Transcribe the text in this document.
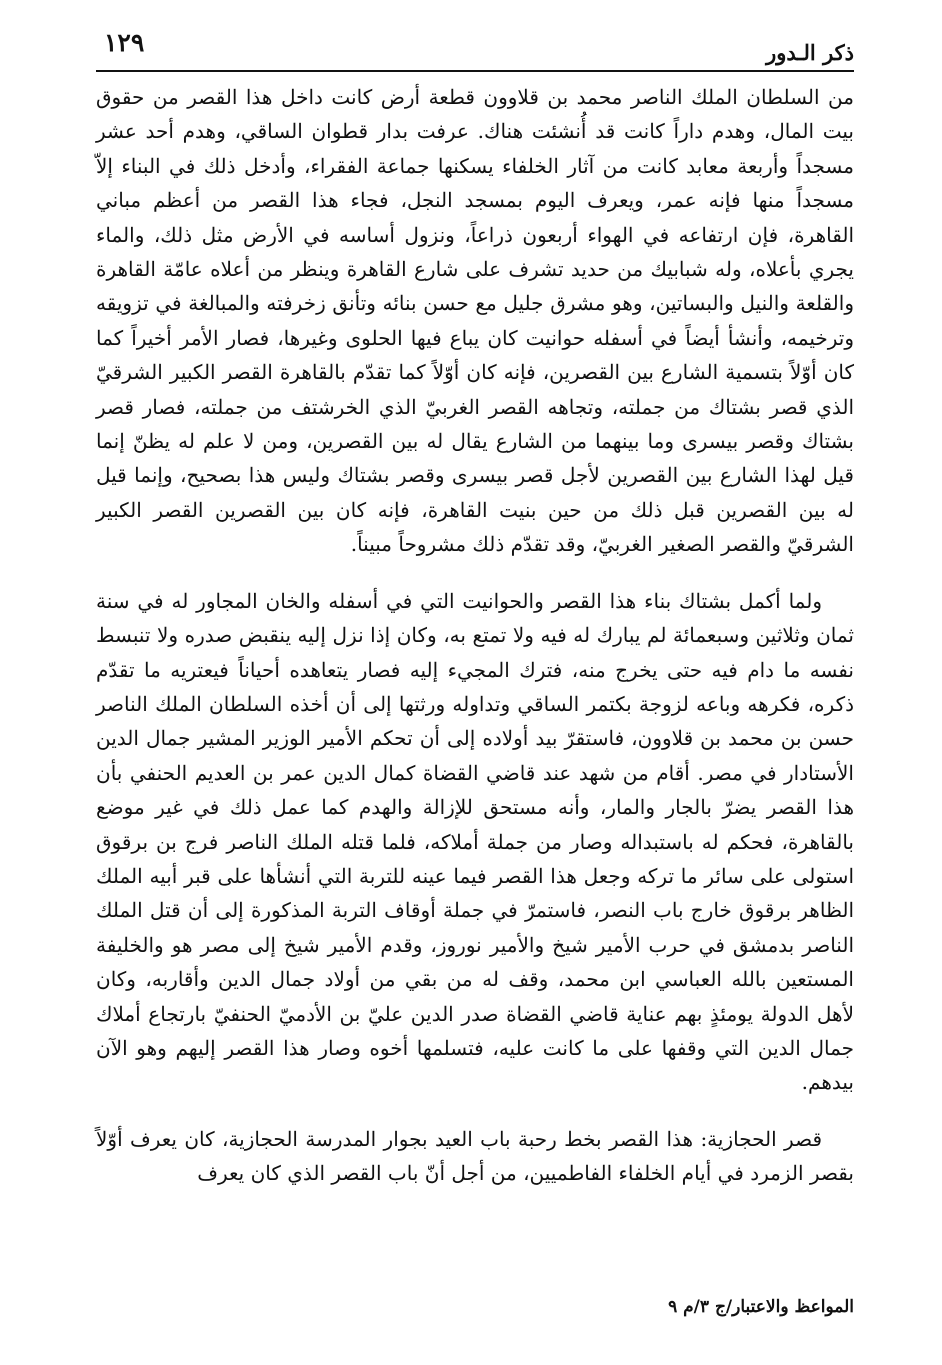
ذكر الـدور
١٢٩

من السلطان الملك الناصر محمد بن قلاوون قطعة أرض كانت داخل هذا القصر من حقوق بيت المال، وهدم داراً كانت قد أُنشئت هناك. عرفت بدار قطوان الساقي، وهدم أحد عشر مسجداً وأربعة معابد كانت من آثار الخلفاء يسكنها جماعة الفقراء، وأدخل ذلك في البناء إلاّ مسجداً منها فإنه عمر، ويعرف اليوم بمسجد النجل، فجاء هذا القصر من أعظم مباني القاهرة، فإن ارتفاعه في الهواء أربعون ذراعاً، ونزول أساسه في الأرض مثل ذلك، والماء يجري بأعلاه، وله شبابيك من حديد تشرف على شارع القاهرة وينظر من أعلاه عامّة القاهرة والقلعة والنيل والبساتين، وهو مشرق جليل مع حسن بنائه وتأنق زخرفته والمبالغة في تزويقه وترخيمه، وأنشأ أيضاً في أسفله حوانيت كان يباع فيها الحلوى وغيرها، فصار الأمر أخيراً كما كان أوّلاً بتسمية الشارع بين القصرين، فإنه كان أوّلاً كما تقدّم بالقاهرة القصر الكبير الشرقيّ الذي قصر بشتاك من جملته، وتجاهه القصر الغربيّ الذي الخرشتف من جملته، فصار قصر بشتاك وقصر بيسرى وما بينهما من الشارع يقال له بين القصرين، ومن لا علم له يظنّ إنما قيل لهذا الشارع بين القصرين لأجل قصر بيسرى وقصر بشتاك وليس هذا بصحيح، وإنما قيل له بين القصرين قبل ذلك من حين بنيت القاهرة، فإنه كان بين القصرين القصر الكبير الشرقيّ والقصر الصغير الغربيّ، وقد تقدّم ذلك مشروحاً مبيناً.

ولما أكمل بشتاك بناء هذا القصر والحوانيت التي في أسفله والخان المجاور له في سنة ثمان وثلاثين وسبعمائة لم يبارك له فيه ولا تمتع به، وكان إذا نزل إليه ينقبض صدره ولا تنبسط نفسه ما دام فيه حتى يخرج منه، فترك المجيء إليه فصار يتعاهده أحياناً فيعتريه ما تقدّم ذكره، فكرهه وباعه لزوجة بكتمر الساقي وتداوله ورثتها إلى أن أخذه السلطان الملك الناصر حسن بن محمد بن قلاوون، فاستقرّ بيد أولاده إلى أن تحكم الأمير الوزير المشير جمال الدين الأستادار في مصر. أقام من شهد عند قاضي القضاة كمال الدين عمر بن العديم الحنفي بأن هذا القصر يضرّ بالجار والمار، وأنه مستحق للإزالة والهدم كما عمل ذلك في غير موضع بالقاهرة، فحكم له باستبداله وصار من جملة أملاكه، فلما قتله الملك الناصر فرج بن برقوق استولى على سائر ما تركه وجعل هذا القصر فيما عينه للتربة التي أنشأها على قبر أبيه الملك الظاهر برقوق خارج باب النصر، فاستمرّ في جملة أوقاف التربة المذكورة إلى أن قتل الملك الناصر بدمشق في حرب الأمير شيخ والأمير نوروز، وقدم الأمير شيخ إلى مصر هو والخليفة المستعين بالله العباسي ابن محمد، وقف له من بقي من أولاد جمال الدين وأقاربه، وكان لأهل الدولة يومئذٍ بهم عناية قاضي القضاة صدر الدين عليّ بن الأدميّ الحنفيّ بارتجاع أملاك جمال الدين التي وقفها على ما كانت عليه، فتسلمها أخوه وصار هذا القصر إليهم وهو الآن بيدهم.

قصر الحجازية: هذا القصر بخط رحبة باب العيد بجوار المدرسة الحجازية، كان يعرف أوّلاً بقصر الزمرد في أيام الخلفاء الفاطميين، من أجل أنّ باب القصر الذي كان يعرف

المواعظ والاعتبار/ج ٣/م ٩
